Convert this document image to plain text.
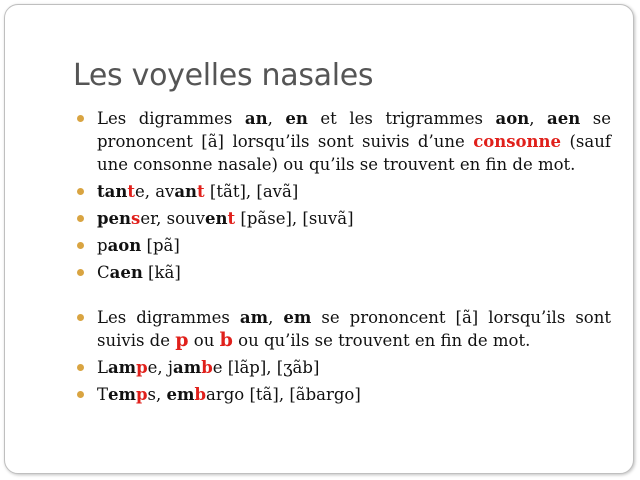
Les voyelles nasales
Les digrammes an, en et les trigrammes aon, aen se prononcent [ã] lorsqu’ils sont suivis d’une consonne (sauf une consonne nasale) ou qu’ils se trouvent en fin de mot.
tante, avant [tãt], [avã]
penser, souvent [pãse], [suvã]
paon [pã]
Caen [kã]
Les digrammes am, em se prononcent [ã] lorsqu’ils sont suivis de p ou b ou qu’ils se trouvent en fin de mot.
Lampe, jambe [lãp], [ʒãb]
Temps, embargo [tã], [ãbargo]
